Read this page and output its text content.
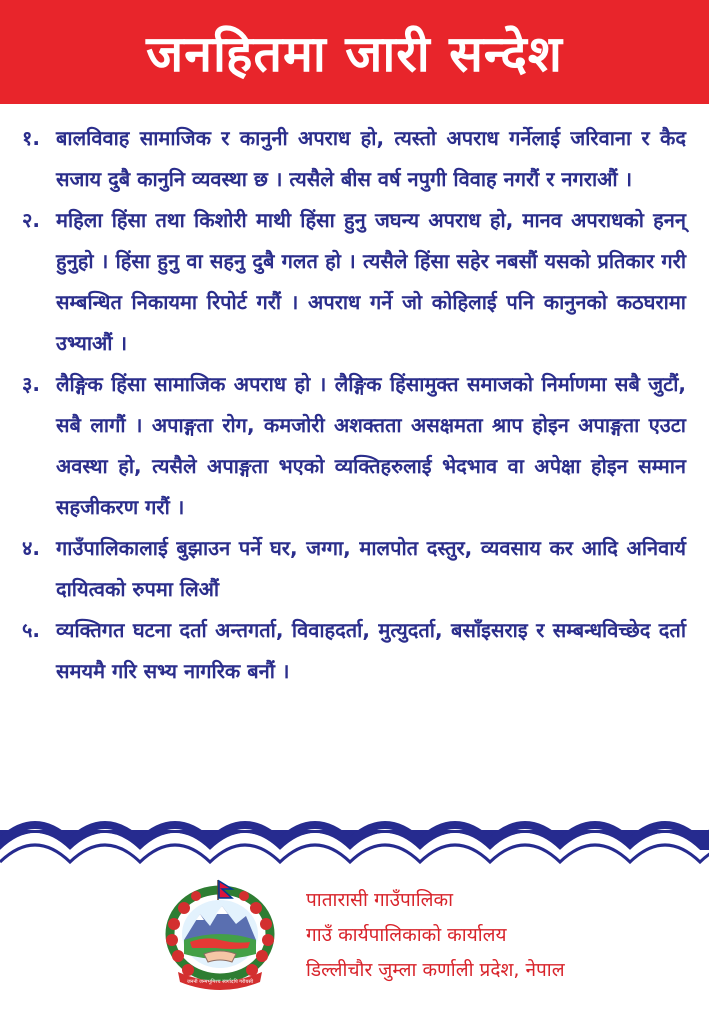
जनहितमा जारी सन्देश
१. बालविवाह सामाजिक र कानुनी अपराध हो, त्यस्तो अपराध गर्नेलाई जरिवाना र कैद सजाय दुबै कानुनि व्यवस्था छ । त्यसैले बीस वर्ष नपुगी विवाह नगरौं र नगराऔं ।
२. महिला हिंसा तथा किशोरी माथी हिंसा हुनु जघन्य अपराध हो, मानव अपराधको हनन् हुनुहो । हिंसा हुनु वा सहनु दुबै गलत हो । त्यसैले हिंसा सहेर नबसौं यसको प्रतिकार गरी सम्बन्धित निकायमा रिपोर्ट गरौं । अपराध गर्ने जो कोहिलाई पनि कानुनको कठघरामा उभ्याऔं ।
३. लैङ्गिक हिंसा सामाजिक अपराध हो । लैङ्गिक हिंसामुक्त समाजको निर्माणमा सबै जुटौं, सबै लागौं । अपाङ्गता रोग, कमजोरी अशक्तता असक्षमता श्राप होइन अपाङ्गता एउटा अवस्था हो, त्यसैले अपाङ्गता भएको व्यक्तिहरुलाई भेदभाव वा अपेक्षा होइन सम्मान सहजीकरण गरौं ।
४. गाउँपालिकालाई बुझाउन पर्ने घर, जग्गा, मालपोत दस्तुर, व्यवसाय कर आदि अनिवार्य दायित्वको रुपमा लिऔं
५. व्यक्तिगत घटना दर्ता अन्तगर्ता, विवाहदर्ता, मुत्युदर्ता, बसाँइसराइ र सम्बन्धविच्छेद दर्ता समयमै गरि सभ्य नागरिक बनौं ।
जननी जन्मभूमिश्च स्वर्गादपि गरीयसी
पातारासी गाउँपालिका
गाउँ कार्यपालिकाको कार्यालय
डिल्लीचौर जुम्ला कर्णाली प्रदेश, नेपाल
